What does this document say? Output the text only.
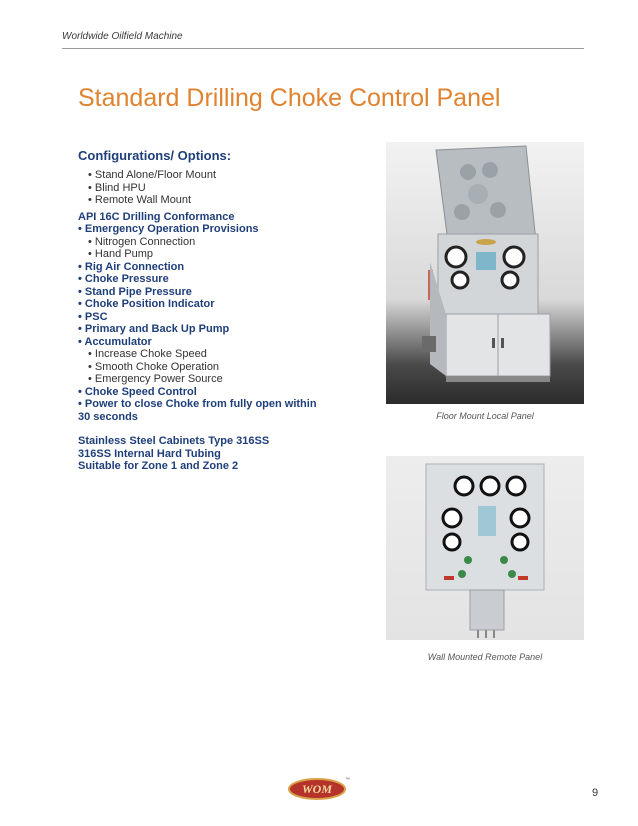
Worldwide Oilfield Machine
Standard Drilling Choke Control Panel
Configurations/ Options:
• Stand Alone/Floor Mount
• Blind HPU
• Remote Wall Mount
API 16C Drilling Conformance
• Emergency Operation Provisions
• Nitrogen Connection
• Hand Pump
• Rig Air Connection
• Choke Pressure
• Stand Pipe Pressure
• Choke Position Indicator
• PSC
• Primary and Back Up Pump
• Accumulator
• Increase Choke Speed
• Smooth Choke Operation
• Emergency Power Source
• Choke Speed Control
• Power to close Choke from fully open within
30 seconds
Stainless Steel Cabinets Type 316SS
316SS Internal Hard Tubing
Suitable for Zone 1 and Zone 2
Floor Mount Local Panel
Wall Mounted Remote Panel
WOM
™
9
